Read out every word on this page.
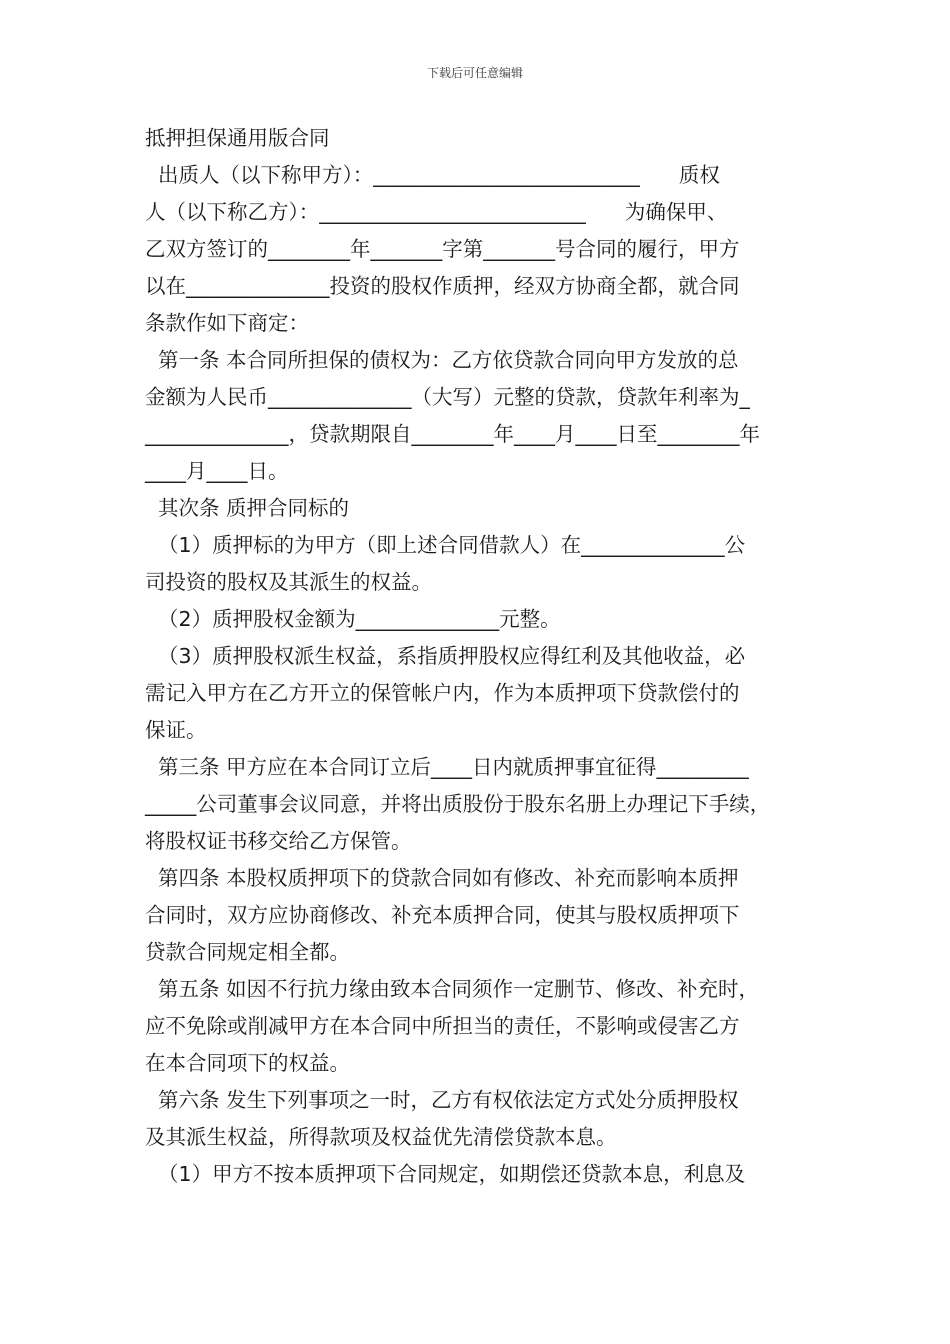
下载后可任意编辑
抵押担保通用版合同
出质人（以下称甲方）：__________________________      质权
人（以下称乙方）：__________________________      为确保甲、
乙双方签订的________年_______字第_______号合同的履行，甲方
以在______________投资的股权作质押，经双方协商全都，就合同
条款作如下商定：
第一条 本合同所担保的债权为：乙方依贷款合同向甲方发放的总
金额为人民币______________（大写）元整的贷款，贷款年利率为_
______________，贷款期限自________年____月____日至________年
____月____日。
其次条 质押合同标的
（1）质押标的为甲方（即上述合同借款人）在______________公
司投资的股权及其派生的权益。
（2）质押股权金额为______________元整。
（3）质押股权派生权益，系指质押股权应得红利及其他收益，必
需记入甲方在乙方开立的保管帐户内，作为本质押项下贷款偿付的
保证。
第三条 甲方应在本合同订立后____日内就质押事宜征得_________
_____公司董事会议同意，并将出质股份于股东名册上办理记下手续，
将股权证书移交给乙方保管。
第四条 本股权质押项下的贷款合同如有修改、补充而影响本质押
合同时，双方应协商修改、补充本质押合同，使其与股权质押项下
贷款合同规定相全都。
第五条 如因不行抗力缘由致本合同须作一定删节、修改、补充时，
应不免除或削减甲方在本合同中所担当的责任，不影响或侵害乙方
在本合同项下的权益。
第六条 发生下列事项之一时，乙方有权依法定方式处分质押股权
及其派生权益，所得款项及权益优先清偿贷款本息。
（1）甲方不按本质押项下合同规定，如期偿还贷款本息，利息及
